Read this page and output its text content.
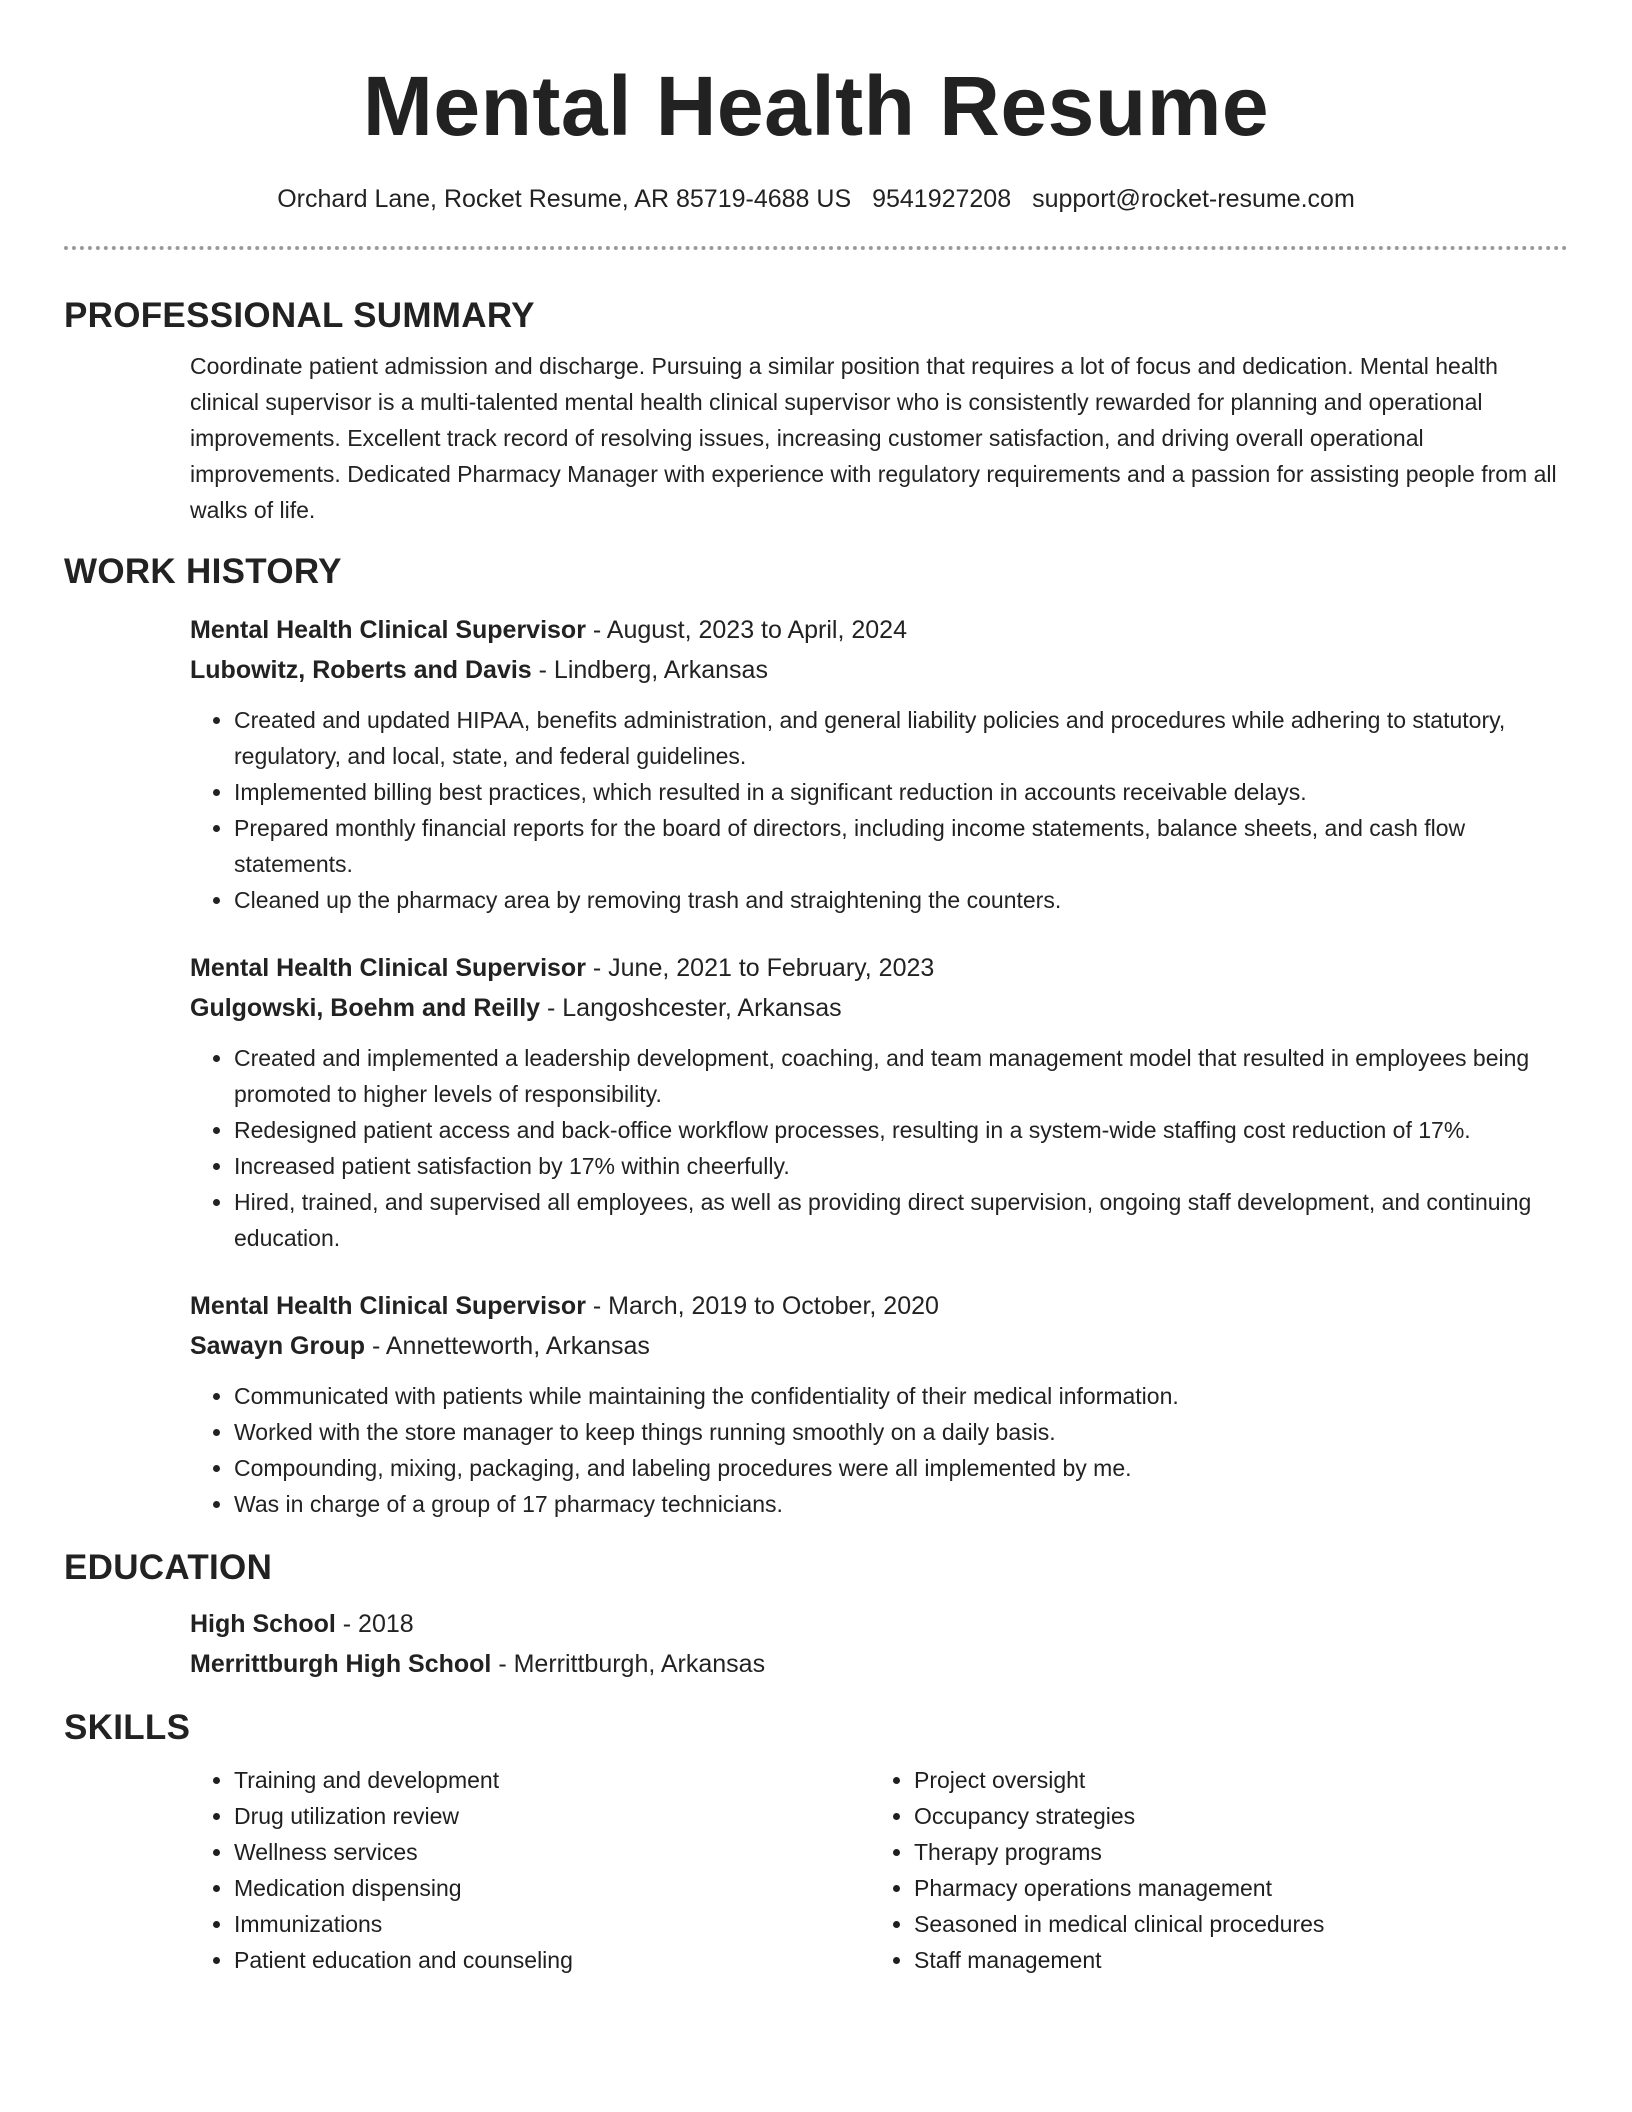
Mental Health Resume
Orchard Lane, Rocket Resume, AR 85719-4688 US 9541927208 support@rocket-resume.com
PROFESSIONAL SUMMARY

Coordinate patient admission and discharge. Pursuing a similar position that requires a lot of focus and dedication. Mental health clinical supervisor is a multi-talented mental health clinical supervisor who is consistently rewarded for planning and operational improvements. Excellent track record of resolving issues, increasing customer satisfaction, and driving overall operational improvements. Dedicated Pharmacy Manager with experience with regulatory requirements and a passion for assisting people from all walks of life.

WORK HISTORY
Mental Health Clinical Supervisor - August, 2023 to April, 2024
Lubowitz, Roberts and Davis - Lindberg, Arkansas
• Created and updated HIPAA, benefits administration, and general liability policies and procedures while adhering to statutory, regulatory, and local, state, and federal guidelines.
• Implemented billing best practices, which resulted in a significant reduction in accounts receivable delays.
• Prepared monthly financial reports for the board of directors, including income statements, balance sheets, and cash flow statements.
• Cleaned up the pharmacy area by removing trash and straightening the counters.
Mental Health Clinical Supervisor - June, 2021 to February, 2023
Gulgowski, Boehm and Reilly - Langoshcester, Arkansas
• Created and implemented a leadership development, coaching, and team management model that resulted in employees being promoted to higher levels of responsibility.
• Redesigned patient access and back-office workflow processes, resulting in a system-wide staffing cost reduction of 17%.
• Increased patient satisfaction by 17% within cheerfully.
• Hired, trained, and supervised all employees, as well as providing direct supervision, ongoing staff development, and continuing education.
Mental Health Clinical Supervisor - March, 2019 to October, 2020
Sawayn Group - Annetteworth, Arkansas
• Communicated with patients while maintaining the confidentiality of their medical information.
• Worked with the store manager to keep things running smoothly on a daily basis.
• Compounding, mixing, packaging, and labeling procedures were all implemented by me.
• Was in charge of a group of 17 pharmacy technicians.
EDUCATION
High School - 2018
Merrittburgh High School - Merrittburgh, Arkansas
SKILLS
• Training and development
• Drug utilization review
• Wellness services
• Medication dispensing
• Immunizations
• Patient education and counseling
• Project oversight
• Occupancy strategies
• Therapy programs
• Pharmacy operations management
• Seasoned in medical clinical procedures
• Staff management
